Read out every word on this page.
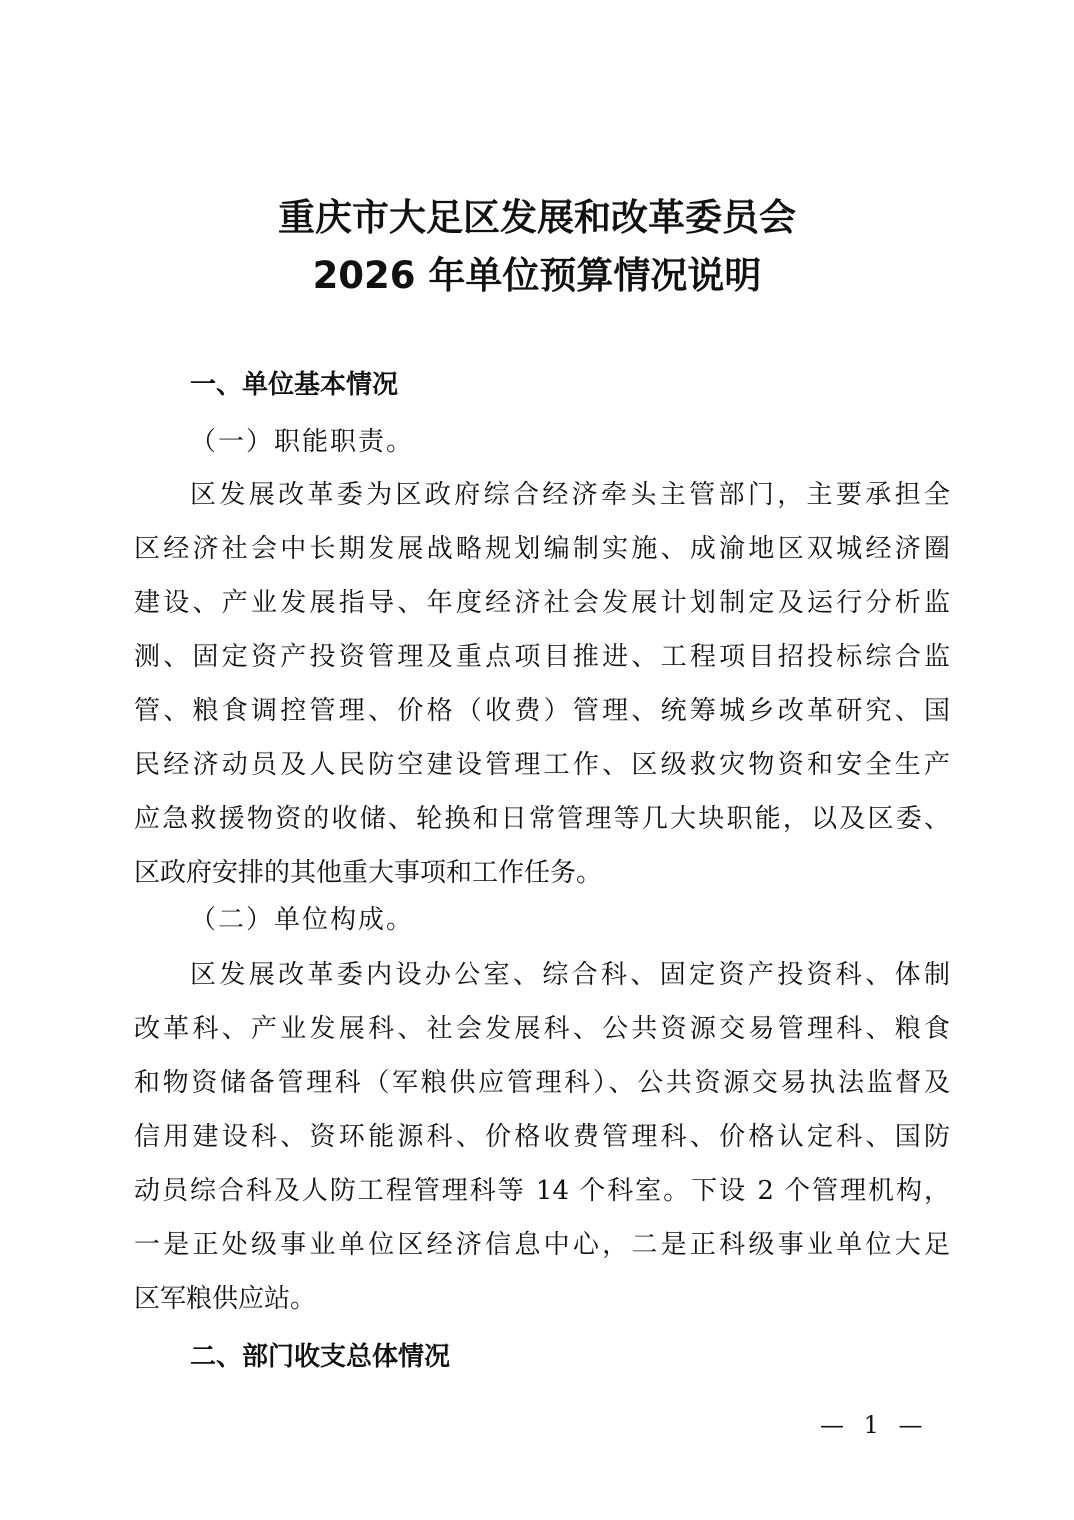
重庆市大足区发展和改革委员会
2026 年单位预算情况说明
一、单位基本情况
（一）职能职责。
区发展改革委为区政府综合经济牵头主管部门，主要承担全
区经济社会中长期发展战略规划编制实施、成渝地区双城经济圈
建设、产业发展指导、年度经济社会发展计划制定及运行分析监
测、固定资产投资管理及重点项目推进、工程项目招投标综合监
管、粮食调控管理、价格（收费）管理、统筹城乡改革研究、国
民经济动员及人民防空建设管理工作、区级救灾物资和安全生产
应急救援物资的收储、轮换和日常管理等几大块职能，以及区委、
区政府安排的其他重大事项和工作任务。
（二）单位构成。
区发展改革委内设办公室、综合科、固定资产投资科、体制
改革科、产业发展科、社会发展科、公共资源交易管理科、粮食
和物资储备管理科（军粮供应管理科）、公共资源交易执法监督及
信用建设科、资环能源科、价格收费管理科、价格认定科、国防
动员综合科及人防工程管理科等 14 个科室。下设 2 个管理机构，
一是正处级事业单位区经济信息中心，二是正科级事业单位大足
区军粮供应站。
二、部门收支总体情况
— 1 —
